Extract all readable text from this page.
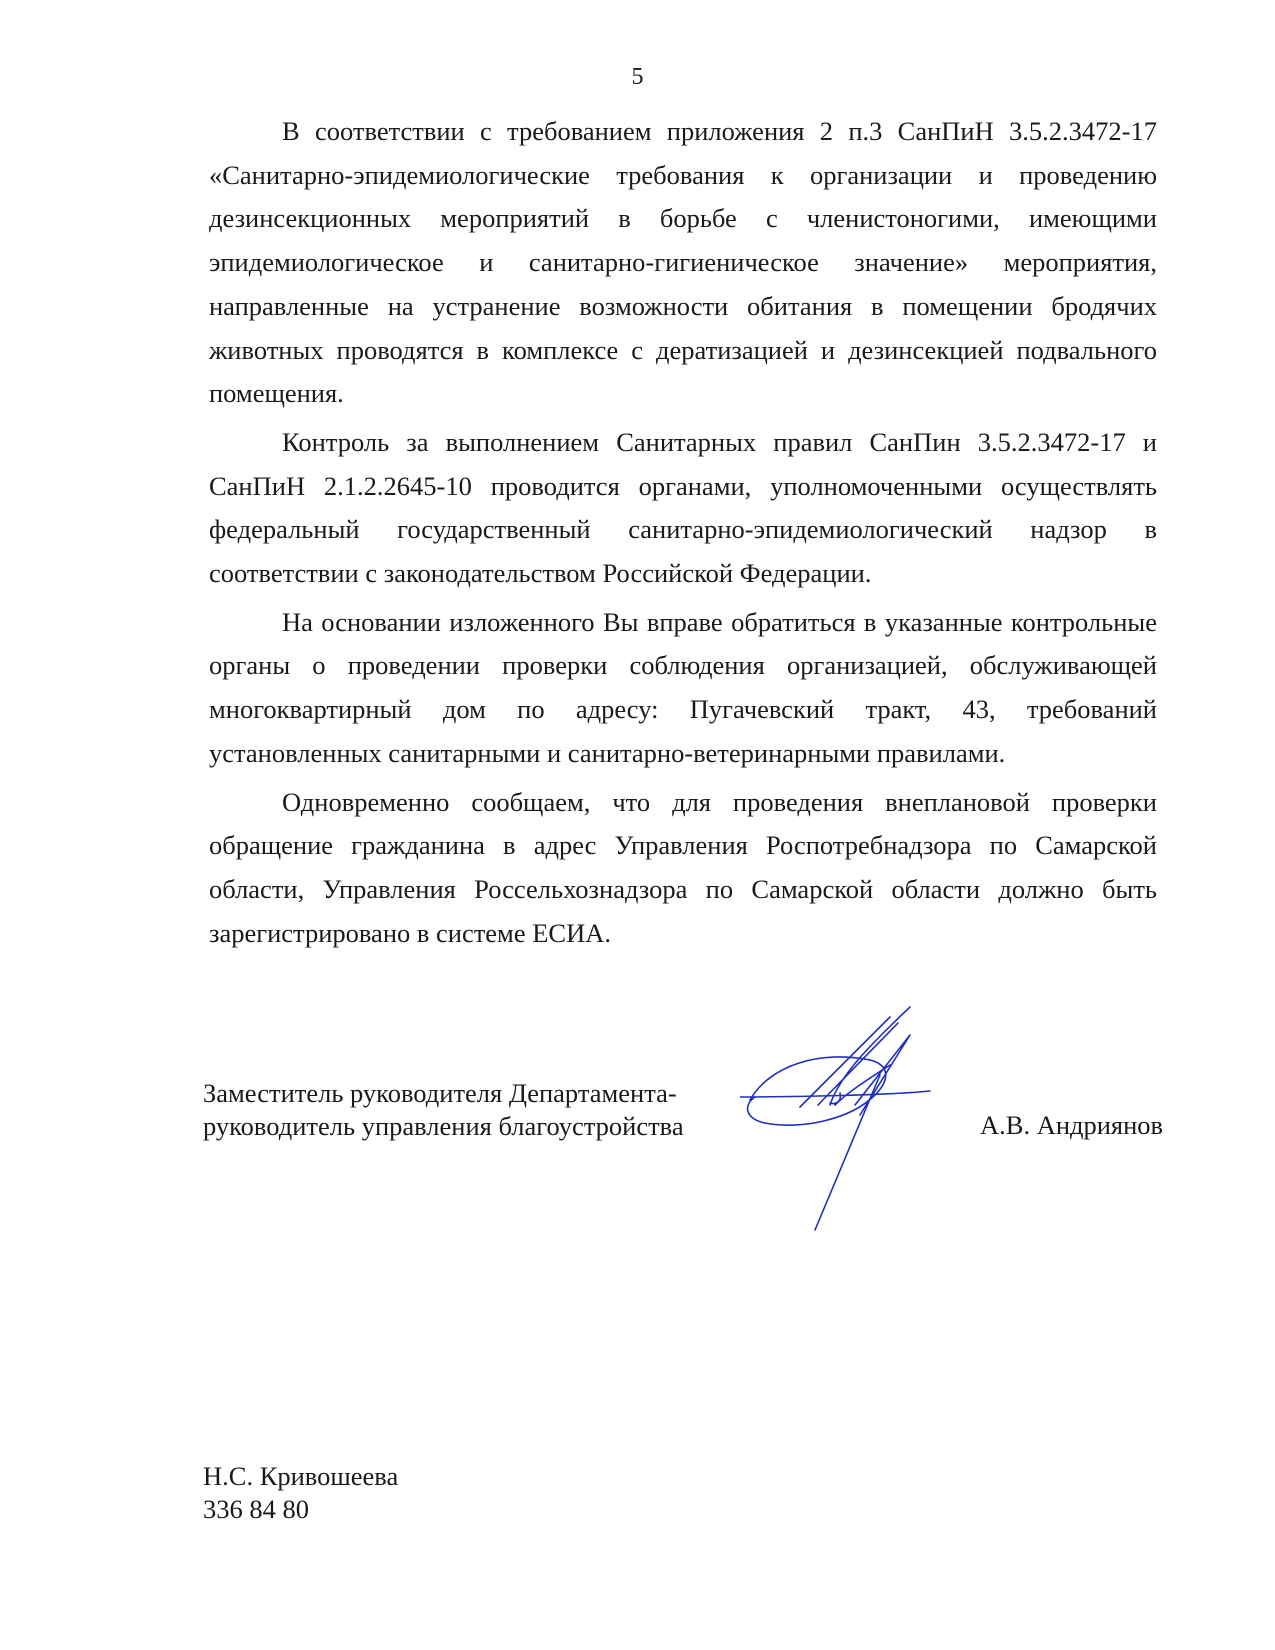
5

В соответствии с требованием приложения 2 п.3 СанПиН 3.5.2.3472-17 «Санитарно-эпидемиологические требования к организации и проведению дезинсекционных мероприятий в борьбе с членистоногими, имеющими эпидемиологическое и санитарно-гигиеническое значение» мероприятия, направленные на устранение возможности обитания в помещении бродячих животных проводятся в комплексе с дератизацией и дезинсекцией подвального помещения.

Контроль за выполнением Санитарных правил СанПин 3.5.2.3472-17 и СанПиН 2.1.2.2645-10 проводится органами, уполномоченными осуществлять федеральный государственный санитарно-эпидемиологический надзор в соответствии с законодательством Российской Федерации.

На основании изложенного Вы вправе обратиться в указанные контрольные органы о проведении проверки соблюдения организацией, обслуживающей многоквартирный дом по адресу: Пугачевский тракт, 43, требований установленных санитарными и санитарно-ветеринарными правилами.

Одновременно сообщаем, что для проведения внеплановой проверки обращение гражданина в адрес Управления Роспотребнадзора по Самарской области, Управления Россельхознадзора по Самарской области должно быть зарегистрировано в системе ЕСИА.

Заместитель руководителя Департамента-
руководитель управления благоустройства	А.В. Андриянов
Н.С. Кривошеева
336 84 80
